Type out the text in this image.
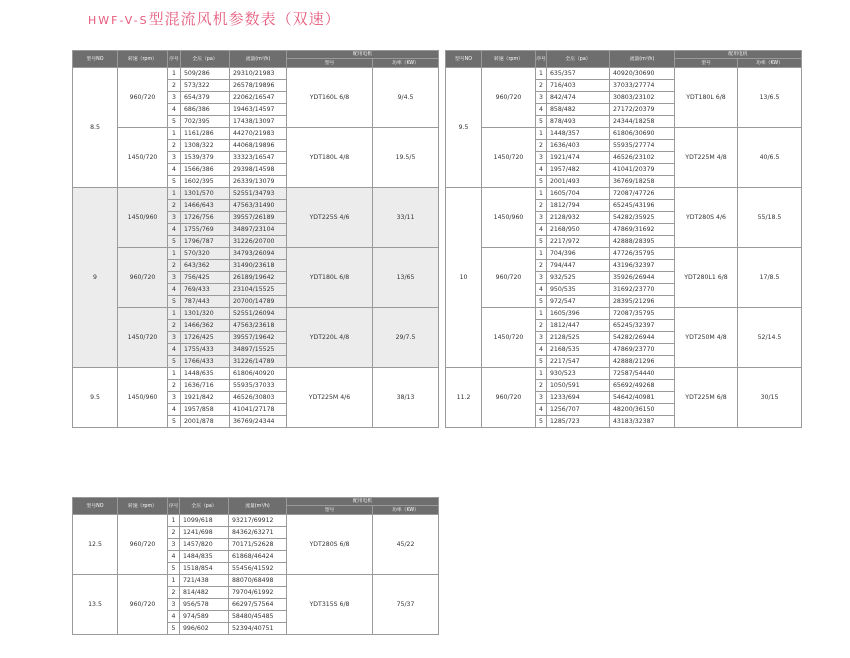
HWF-V-S型混流风机参数表（双速）
型号NO	转速（rpm）	序号	全压（pa）	流量(m³/h)	配用电机	
					型号	功率（KW）
8.5	960/720	1	509/286	29310/21983	YDT160L 6/8	9/4.5
		2	573/322	26578/19896		
		3	654/379	22062/16547		
		4	686/386	19463/14597		
		5	702/395	17438/13097		
	1450/720	1	1161/286	44270/21983	YDT180L 4/8	19.5/5
		2	1308/322	44068/19896		
		3	1539/379	33323/16547		
		4	1566/386	29398/14598		
		5	1602/395	26339/13079		
9	1450/960	1	1301/570	52551/34793	YDT225S 4/6	33/11
		2	1466/643	47563/31490		
		3	1726/756	39557/26189		
		4	1755/769	34897/23104		
		5	1796/787	31226/20700		
	960/720	1	570/320	34793/26094	YDT180L 6/8	13/65
		2	643/362	31490/23618		
		3	756/425	26189/19642		
		4	769/433	23104/15525		
		5	787/443	20700/14789		
	1450/720	1	1301/320	52551/26094	YDT220L 4/8	29/7.5
		2	1466/362	47563/23618		
		3	1726/425	39557/19642		
		4	1755/433	34897/15525		
		5	1766/433	31226/14789		
9.5	1450/960	1	1448/635	61806/40920	YDT225M 4/6	38/13
		2	1636/716	55935/37033		
		3	1921/842	46526/30803		
		4	1957/858	41041/27178		
		5	2001/878	36769/24344		
型号NO	转速（rpm）	序号	全压（pa）	流量(m³/h)	配用电机	
					型号	功率（KW）
9.5	960/720	1	635/357	40920/30690	YDT180L 6/8	13/6.5
		2	716/403	37033/27774		
		3	842/474	30803/23102		
		4	858/482	27172/20379		
		5	878/493	24344/18258		
	1450/720	1	1448/357	61806/30690	YDT225M 4/8	40/6.5
		2	1636/403	55935/27774		
		3	1921/474	46526/23102		
		4	1957/482	41041/20379		
		5	2001/493	36769/18258		
10	1450/960	1	1605/704	72087/47726	YDT280S 4/6	55/18.5
		2	1812/794	65245/43196		
		3	2128/932	54282/35925		
		4	2168/950	47869/31692		
		5	2217/972	42888/28395		
	960/720	1	704/396	47726/35795	YDT280L1 6/8	17/8.5
		2	794/447	43196/32397		
		3	932/525	35926/26944		
		4	950/535	31692/23770		
		5	972/547	28395/21296		
	1450/720	1	1605/396	72087/35795	YDT250M 4/8	52/14.5
		2	1812/447	65245/32397		
		3	2128/525	54282/26944		
		4	2168/535	47869/23770		
		5	2217/547	42888/21296		
11.2	960/720	1	930/523	72587/54440	YDT225M 6/8	30/15
		2	1050/591	65692/49268		
		3	1233/694	54642/40981		
		4	1256/707	48200/36150		
		5	1285/723	43183/32387		
型号NO	转速（rpm）	序号	全压（pa）	流量(m³/h)	配用电机	
					型号	功率（KW）
12.5	960/720	1	1099/618	93217/69912	YDT280S 6/8	45/22
		2	1241/698	84362/63271		
		3	1457/820	70171/52628		
		4	1484/835	61868/46424		
		5	1518/854	55456/41592		
13.5	960/720	1	721/438	88070/68498	YDT315S 6/8	75/37
		2	814/482	79704/61992		
		3	956/578	66297/57564		
		4	974/589	58480/45485		
		5	996/602	52394/40751		
